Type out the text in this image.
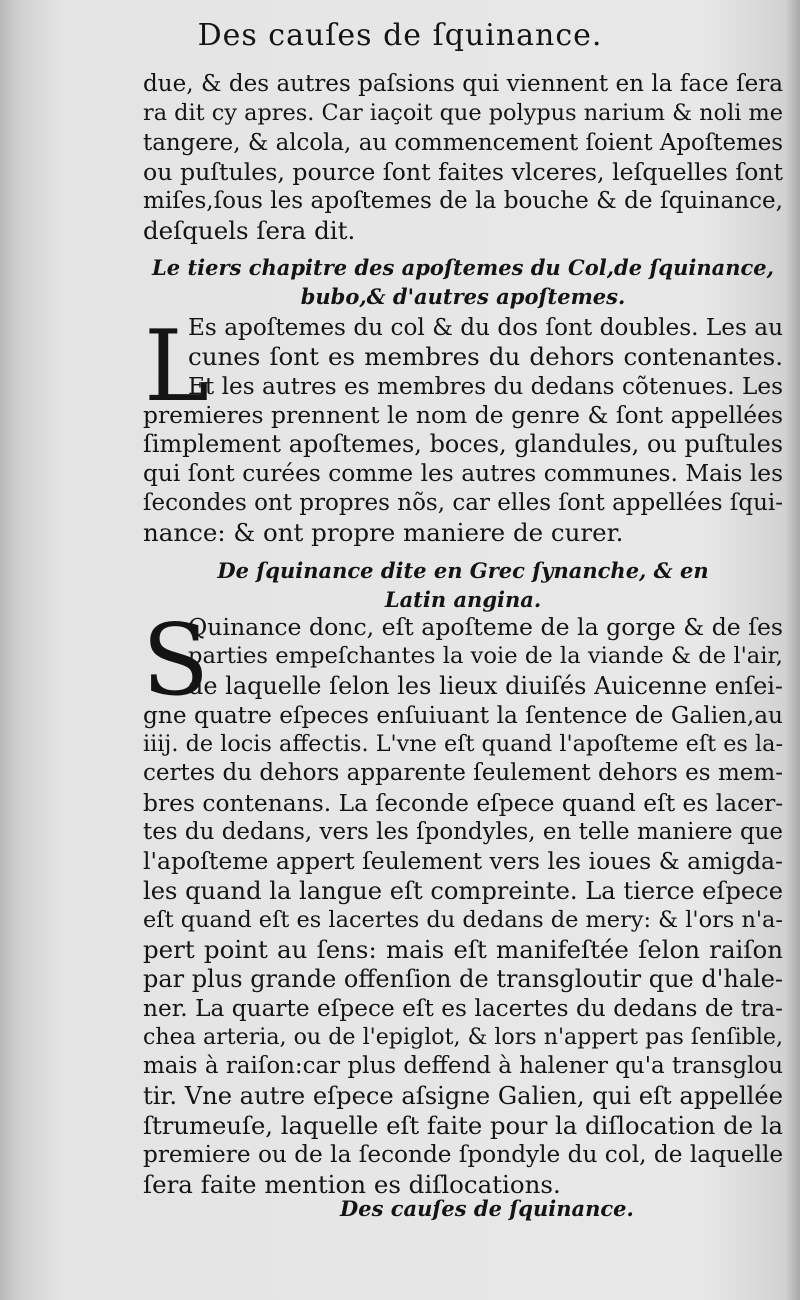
Des cauſes de ſquinance.
due, & des autres paſsions qui viennent en la face ſera
ra dit cy apres. Car iaçoit que polypus narium & noli me
tangere, & alcola, au commencement ſoient Apoſtemes
ou puſtules, pource ſont faites vlceres, leſquelles ſont
miſes,ſous les apoſtemes de la bouche & de ſquinance,
deſquels ſera dit.
Le tiers chapitre des apoſtemes du Col,de ſquinance,
bubo,& d'autres apoſtemes.
L
Es apoſtemes du col & du dos ſont doubles. Les au
cunes ſont es membres du dehors contenantes.
Et les autres es membres du dedans cõtenues. Les
premieres prennent le nom de genre & ſont appellées
ſimplement apoſtemes, boces, glandules, ou puſtules
qui ſont curées comme les autres communes. Mais les
ſecondes ont propres nõs, car elles ſont appellées ſqui-
nance: & ont propre maniere de curer.
De ſquinance dite en Grec ſynanche, & en
Latin angina.
S
Quinance donc, eſt apoſteme de la gorge & de ſes
parties empeſchantes la voie de la viande & de l'air,
de laquelle ſelon les lieux diuiſés Auicenne enſei-
gne quatre eſpeces enſuiuant la ſentence de Galien,au
iiij. de locis affectis. L'vne eſt quand l'apoſteme eſt es la-
certes du dehors apparente ſeulement dehors es mem-
bres contenans. La ſeconde eſpece quand eſt es lacer-
tes du dedans, vers les ſpondyles, en telle maniere que
l'apoſteme appert ſeulement vers les ioues & amigda-
les quand la langue eſt compreinte. La tierce eſpece
eſt quand eſt es lacertes du dedans de mery: & l'ors n'a-
pert point au ſens: mais eſt manifeſtée ſelon raiſon
par plus grande offenſion de transgloutir que d'hale-
ner. La quarte eſpece eſt es lacertes du dedans de tra-
chea arteria, ou de l'epiglot, & lors n'appert pas ſenſible,
mais à raiſon:car plus deffend à halener qu'a transglou
tir. Vne autre eſpece aſsigne Galien, qui eſt appellée
ſtrumeuſe, laquelle eſt faite pour la diſlocation de la
premiere ou de la ſeconde ſpondyle du col, de laquelle
ſera faite mention es diſlocations.
Des cauſes de ſquinance.
